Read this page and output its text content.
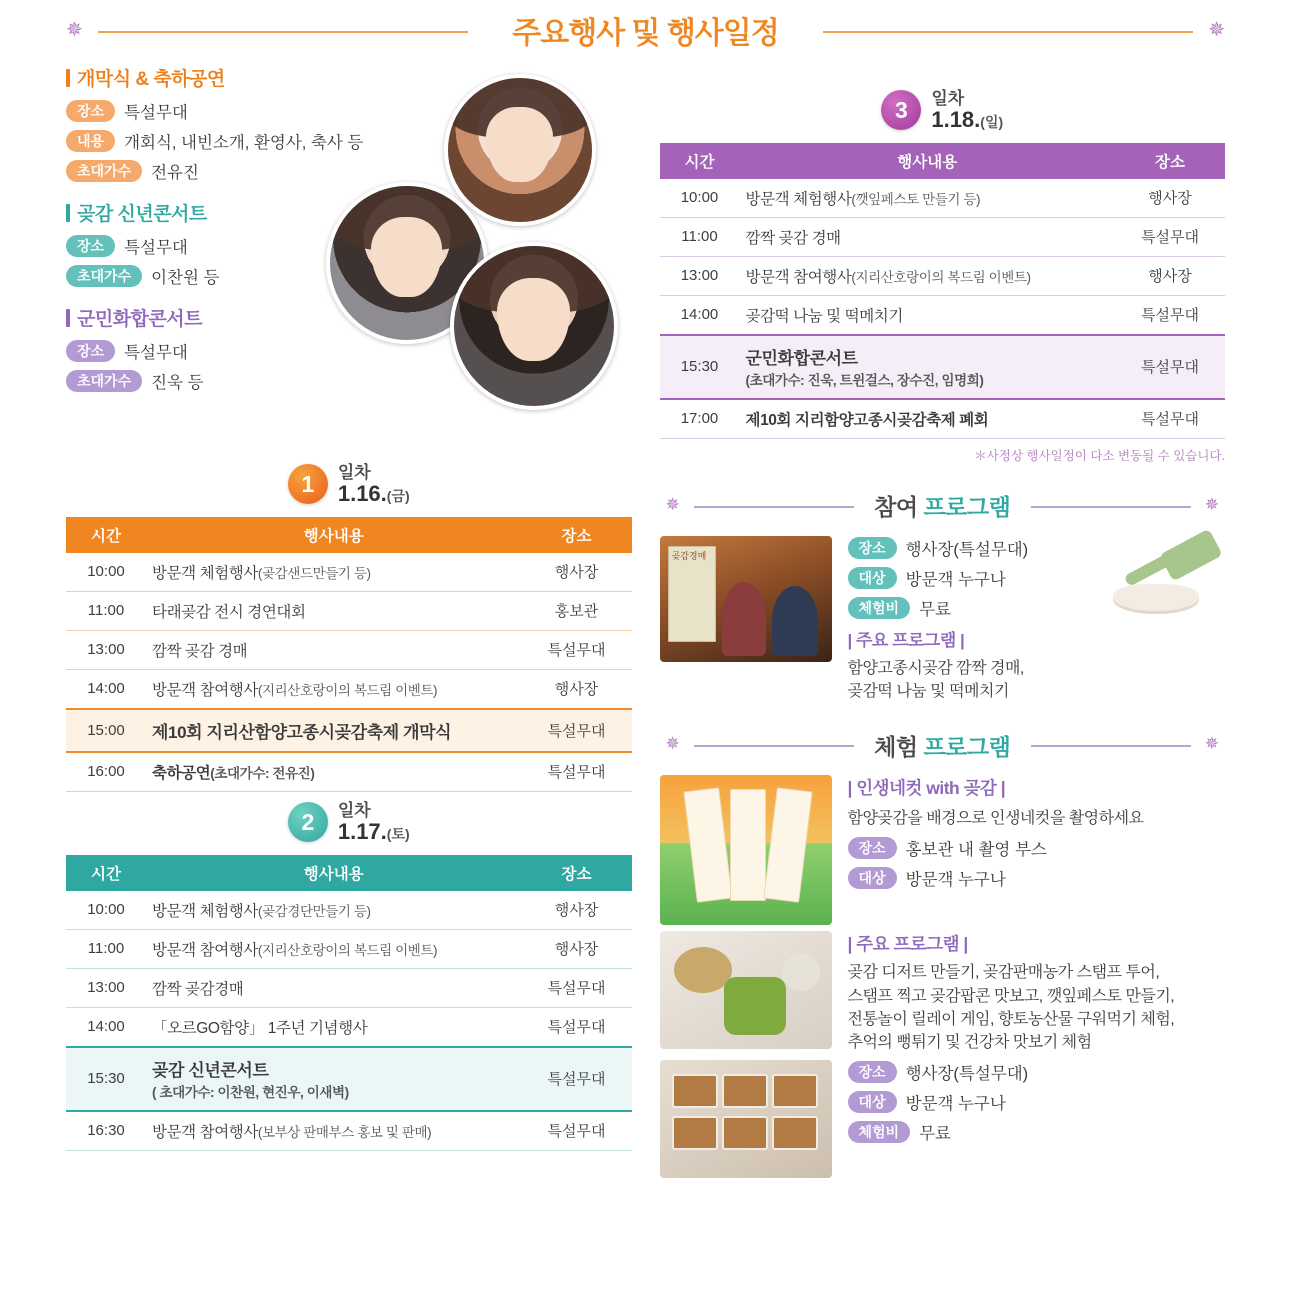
✵	주요행사 및 행사일정	✵
개막식 & 축하공연
장소	특설무대
내용	개회식, 내빈소개, 환영사, 축사 등
초대가수	전유진
곶감 신년콘서트
장소	특설무대
초대가수	이찬원 등
군민화합콘서트
장소	특설무대
초대가수	진욱 등
1	일차
1.16.(금)
시간	행사내용	장소
10:00	방문객 체험행사(곶감샌드만들기 등)	행사장
11:00	타래곶감 전시 경연대회	홍보관
13:00	깜짝 곶감 경매	특설무대
14:00	방문객 참여행사(지리산호랑이의 복드림 이벤트)	행사장
15:00	제10회 지리산함양고종시곶감축제 개막식	특설무대
16:00	축하공연(초대가수: 전유진)	특설무대
2	일차
1.17.(토)
시간	행사내용	장소
10:00	방문객 체험행사(곶감경단만들기 등)	행사장
11:00	방문객 참여행사(지리산호랑이의 복드림 이벤트)	행사장
13:00	깜짝 곶감경매	특설무대
14:00	「오르GO함양」 1주년 기념행사	특설무대
15:30	곶감 신년콘서트
( 초대가수: 이찬원, 현진우, 이새벽)	특설무대
16:30	방문객 참여행사(보부상 판매부스 홍보 및 판매)	특설무대
3	일차
1.18.(일)
시간	행사내용	장소
10:00	방문객 체험행사(깻잎페스토 만들기 등)	행사장
11:00	깜짝 곶감 경매	특설무대
13:00	방문객 참여행사(지리산호랑이의 복드림 이벤트)	행사장
14:00	곶감떡 나눔 및 떡메치기	특설무대
15:30	군민화합콘서트
(초대가수: 진욱, 트윈걸스, 장수진, 임명희)	특설무대
17:00	제10회 지리함양고종시곶감축제 폐회	특설무대
＊사정상 행사일정이 다소 변동될 수 있습니다.
✵	참여 프로그램	✵
곶감경매
장소	행사장(특설무대)
대상	방문객 누구나
체험비	무료
| 주요 프로그램 |
함양고종시곶감 깜짝 경매,
곶감떡 나눔 및 떡메치기
✵	체험 프로그램	✵
| 인생네컷 with 곶감 |
함양곶감을 배경으로 인생네컷을 촬영하세요
장소	홍보관 내 촬영 부스
대상	방문객 누구나
| 주요 프로그램 |
곶감 디저트 만들기, 곶감판매농가 스탬프 투어,
스탬프 찍고 곶감팝콘 맛보고, 깻잎페스토 만들기,
전통놀이 릴레이 게임, 향토농산물 구워먹기 체험,
추억의 뻥튀기 및 건강차 맛보기 체험
장소	행사장(특설무대)
대상	방문객 누구나
체험비	무료
